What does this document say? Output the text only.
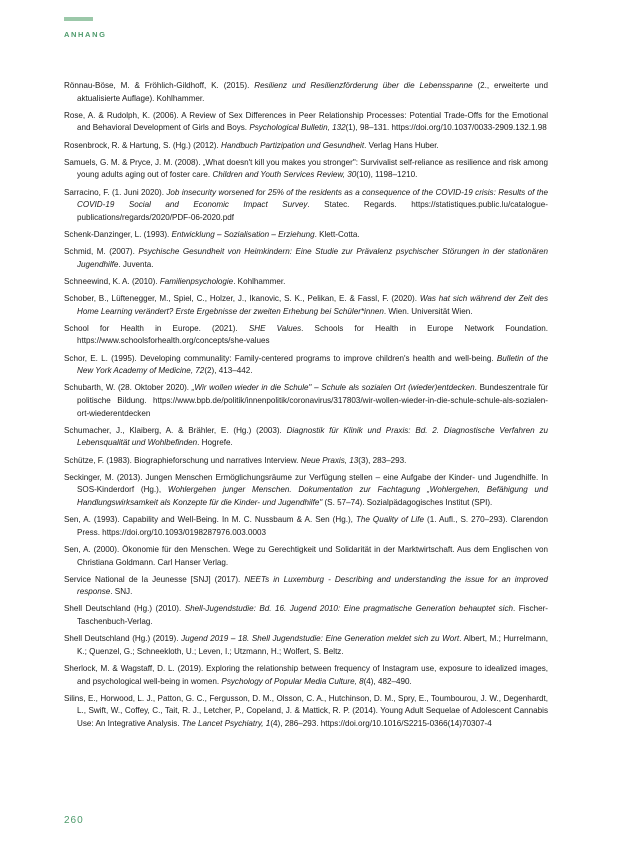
ANHANG

Rönnau-Böse, M. & Fröhlich-Gildhoff, K. (2015). Resilienz und Resilienzförderung über die Lebensspanne (2., erweiterte und aktualisierte Auflage). Kohlhammer.

Rose, A. & Rudolph, K. (2006). A Review of Sex Differences in Peer Relationship Processes: Potential Trade-Offs for the Emotional and Behavioral Development of Girls and Boys. Psychological Bulletin, 132(1), 98–131. https://doi.org/10.1037/0033-2909.132.1.98

Rosenbrock, R. & Hartung, S. (Hg.) (2012). Handbuch Partizipation und Gesundheit. Verlag Hans Huber.

Samuels, G. M. & Pryce, J. M. (2008). „What doesn't kill you makes you stronger": Survivalist self-reliance as resilience and risk among young adults aging out of foster care. Children and Youth Services Review, 30(10), 1198–1210.

Sarracino, F. (1. Juni 2020). Job insecurity worsened for 25% of the residents as a consequence of the COVID-19 crisis: Results of the COVID-19 Social and Economic Impact Survey. Statec. Regards. https://statistiques.public.lu/catalogue-publications/regards/2020/PDF-06-2020.pdf

Schenk-Danzinger, L. (1993). Entwicklung – Sozialisation – Erziehung. Klett-Cotta.

Schmid, M. (2007). Psychische Gesundheit von Heimkindern: Eine Studie zur Prävalenz psychischer Störungen in der stationären Jugendhilfe. Juventa.

Schneewind, K. A. (2010). Familienpsychologie. Kohlhammer.

Schober, B., Lüftenegger, M., Spiel, C., Holzer, J., Ikanovic, S. K., Pelikan, E. & Fassl, F. (2020). Was hat sich während der Zeit des Home Learning verändert? Erste Ergebnisse der zweiten Erhebung bei Schüler*innen. Wien. Universität Wien.

School for Health in Europe. (2021). SHE Values. Schools for Health in Europe Network Foundation. https://www.schoolsforhealth.org/concepts/she-values

Schor, E. L. (1995). Developing communality: Family-centered programs to improve children's health and well-being. Bulletin of the New York Academy of Medicine, 72(2), 413–442.

Schubarth, W. (28. Oktober 2020). „Wir wollen wieder in die Schule" – Schule als sozialen Ort (wieder)entdecken. Bundeszentrale für politische Bildung. https://www.bpb.de/politik/innenpolitik/coronavirus/317803/wir-wollen-wieder-in-die-schule-schule-als-sozialen-ort-wiederentdecken

Schumacher, J., Klaiberg, A. & Brähler, E. (Hg.) (2003). Diagnostik für Klinik und Praxis: Bd. 2. Diagnostische Verfahren zu Lebensqualität und Wohlbefinden. Hogrefe.

Schütze, F. (1983). Biographieforschung und narratives Interview. Neue Praxis, 13(3), 283–293.

Seckinger, M. (2013). Jungen Menschen Ermöglichungsräume zur Verfügung stellen – eine Aufgabe der Kinder- und Jugendhilfe. In SOS-Kinderdorf (Hg.), Wohlergehen junger Menschen. Dokumentation zur Fachtagung „Wohlergehen, Befähigung und Handlungswirksamkeit als Konzepte für die Kinder- und Jugendhilfe" (S. 57–74). Sozialpädagogisches Institut (SPI).

Sen, A. (1993). Capability and Well-Being. In M. C. Nussbaum & A. Sen (Hg.), The Quality of Life (1. Aufl., S. 270–293). Clarendon Press. https://doi.org/10.1093/0198287976.003.0003

Sen, A. (2000). Ökonomie für den Menschen. Wege zu Gerechtigkeit und Solidarität in der Marktwirtschaft. Aus dem Englischen von Christiana Goldmann. Carl Hanser Verlag.

Service National de la Jeunesse [SNJ] (2017). NEETs in Luxemburg - Describing and understanding the issue for an improved response. SNJ.

Shell Deutschland (Hg.) (2010). Shell-Jugendstudie: Bd. 16. Jugend 2010: Eine pragmatische Generation behauptet sich. Fischer-Taschenbuch-Verlag.

Shell Deutschland (Hg.) (2019). Jugend 2019 – 18. Shell Jugendstudie: Eine Generation meldet sich zu Wort. Albert, M.; Hurrelmann, K.; Quenzel, G.; Schneekloth, U.; Leven, I.; Utzmann, H.; Wolfert, S. Beltz.

Sherlock, M. & Wagstaff, D. L. (2019). Exploring the relationship between frequency of Instagram use, exposure to idealized images, and psychological well-being in women. Psychology of Popular Media Culture, 8(4), 482–490.

Silins, E., Horwood, L. J., Patton, G. C., Fergusson, D. M., Olsson, C. A., Hutchinson, D. M., Spry, E., Toumbourou, J. W., Degenhardt, L., Swift, W., Coffey, C., Tait, R. J., Letcher, P., Copeland, J. & Mattick, R. P. (2014). Young Adult Sequelae of Adolescent Cannabis Use: An Integrative Analysis. The Lancet Psychiatry, 1(4), 286–293. https://doi.org/10.1016/S2215-0366(14)70307-4

260
